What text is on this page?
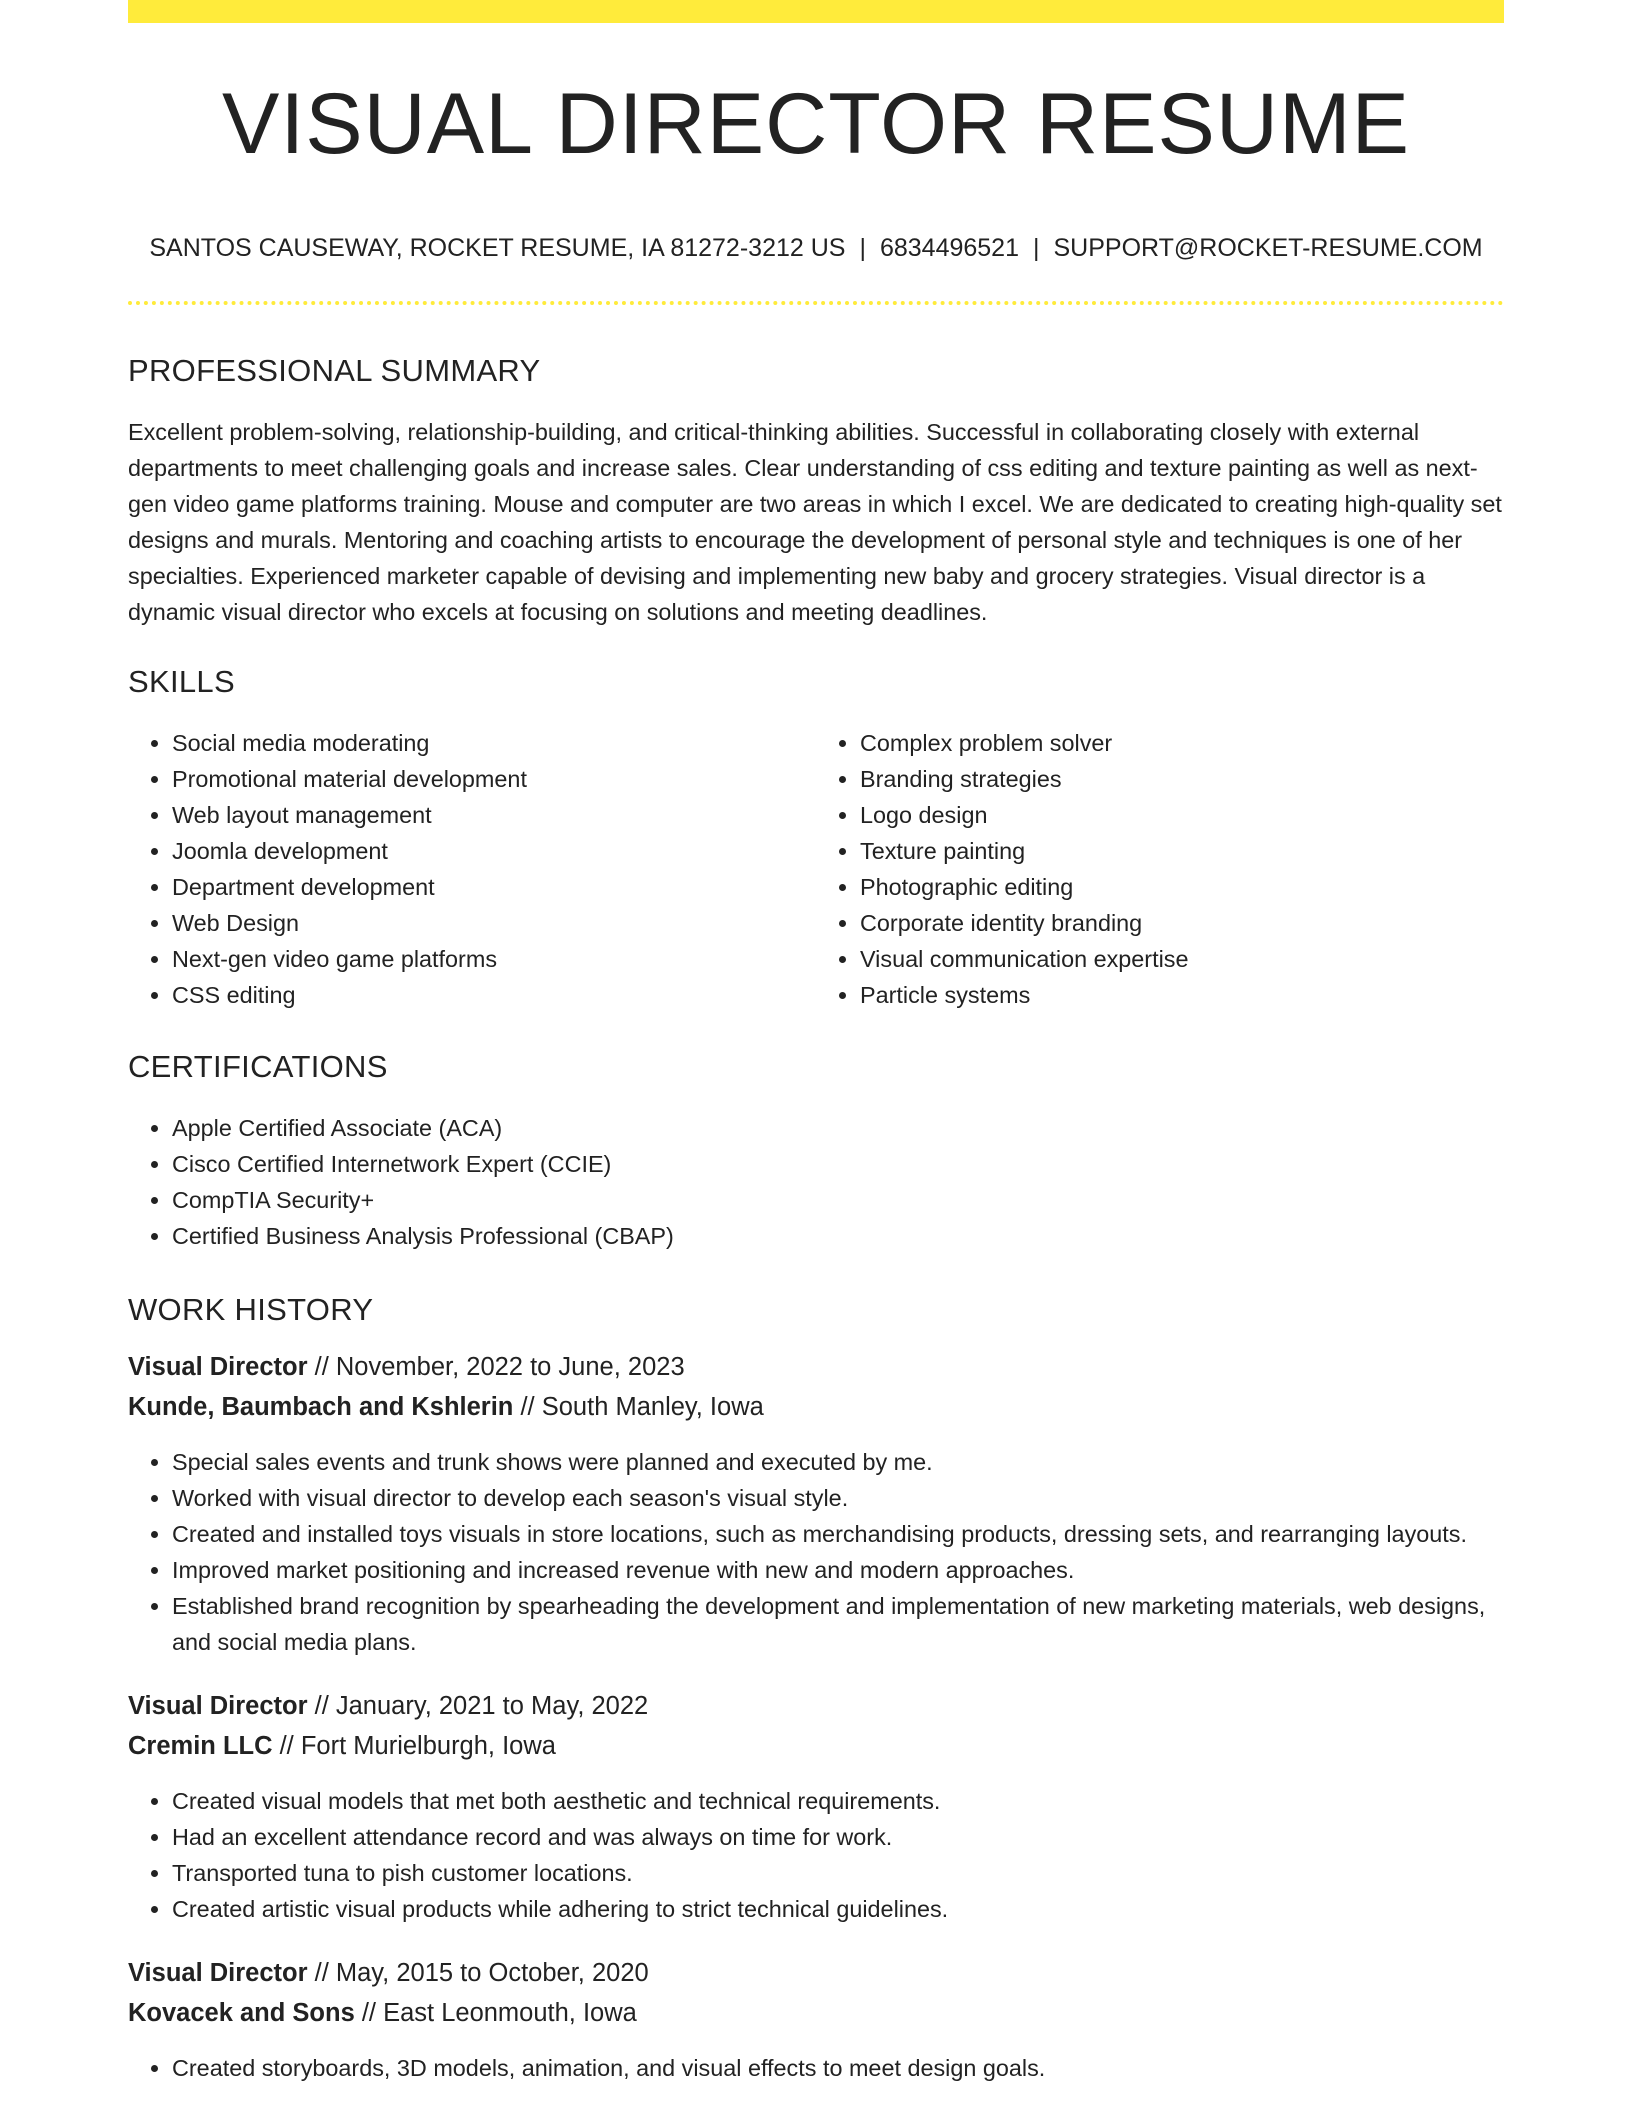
VISUAL DIRECTOR RESUME
SANTOS CAUSEWAY, ROCKET RESUME, IA 81272-3212 US | 6834496521 | SUPPORT@ROCKET-RESUME.COM
PROFESSIONAL SUMMARY

Excellent problem-solving, relationship-building, and critical-thinking abilities. Successful in collaborating closely with external departments to meet challenging goals and increase sales. Clear understanding of css editing and texture painting as well as next-gen video game platforms training. Mouse and computer are two areas in which I excel. We are dedicated to creating high-quality set designs and murals. Mentoring and coaching artists to encourage the development of personal style and techniques is one of her specialties. Experienced marketer capable of devising and implementing new baby and grocery strategies. Visual director is a dynamic visual director who excels at focusing on solutions and meeting deadlines.

SKILLS
• Social media moderating
• Promotional material development
• Web layout management
• Joomla development
• Department development
• Web Design
• Next-gen video game platforms
• CSS editing
• Complex problem solver
• Branding strategies
• Logo design
• Texture painting
• Photographic editing
• Corporate identity branding
• Visual communication expertise
• Particle systems
CERTIFICATIONS
• Apple Certified Associate (ACA)
• Cisco Certified Internetwork Expert (CCIE)
• CompTIA Security+
• Certified Business Analysis Professional (CBAP)
WORK HISTORY
Visual Director // November, 2022 to June, 2023
Kunde, Baumbach and Kshlerin // South Manley, Iowa
• Special sales events and trunk shows were planned and executed by me.
• Worked with visual director to develop each season's visual style.
• Created and installed toys visuals in store locations, such as merchandising products, dressing sets, and rearranging layouts.
• Improved market positioning and increased revenue with new and modern approaches.
• Established brand recognition by spearheading the development and implementation of new marketing materials, web designs, and social media plans.
Visual Director // January, 2021 to May, 2022
Cremin LLC // Fort Murielburgh, Iowa
• Created visual models that met both aesthetic and technical requirements.
• Had an excellent attendance record and was always on time for work.
• Transported tuna to pish customer locations.
• Created artistic visual products while adhering to strict technical guidelines.
Visual Director // May, 2015 to October, 2020
Kovacek and Sons // East Leonmouth, Iowa
• Created storyboards, 3D models, animation, and visual effects to meet design goals.
